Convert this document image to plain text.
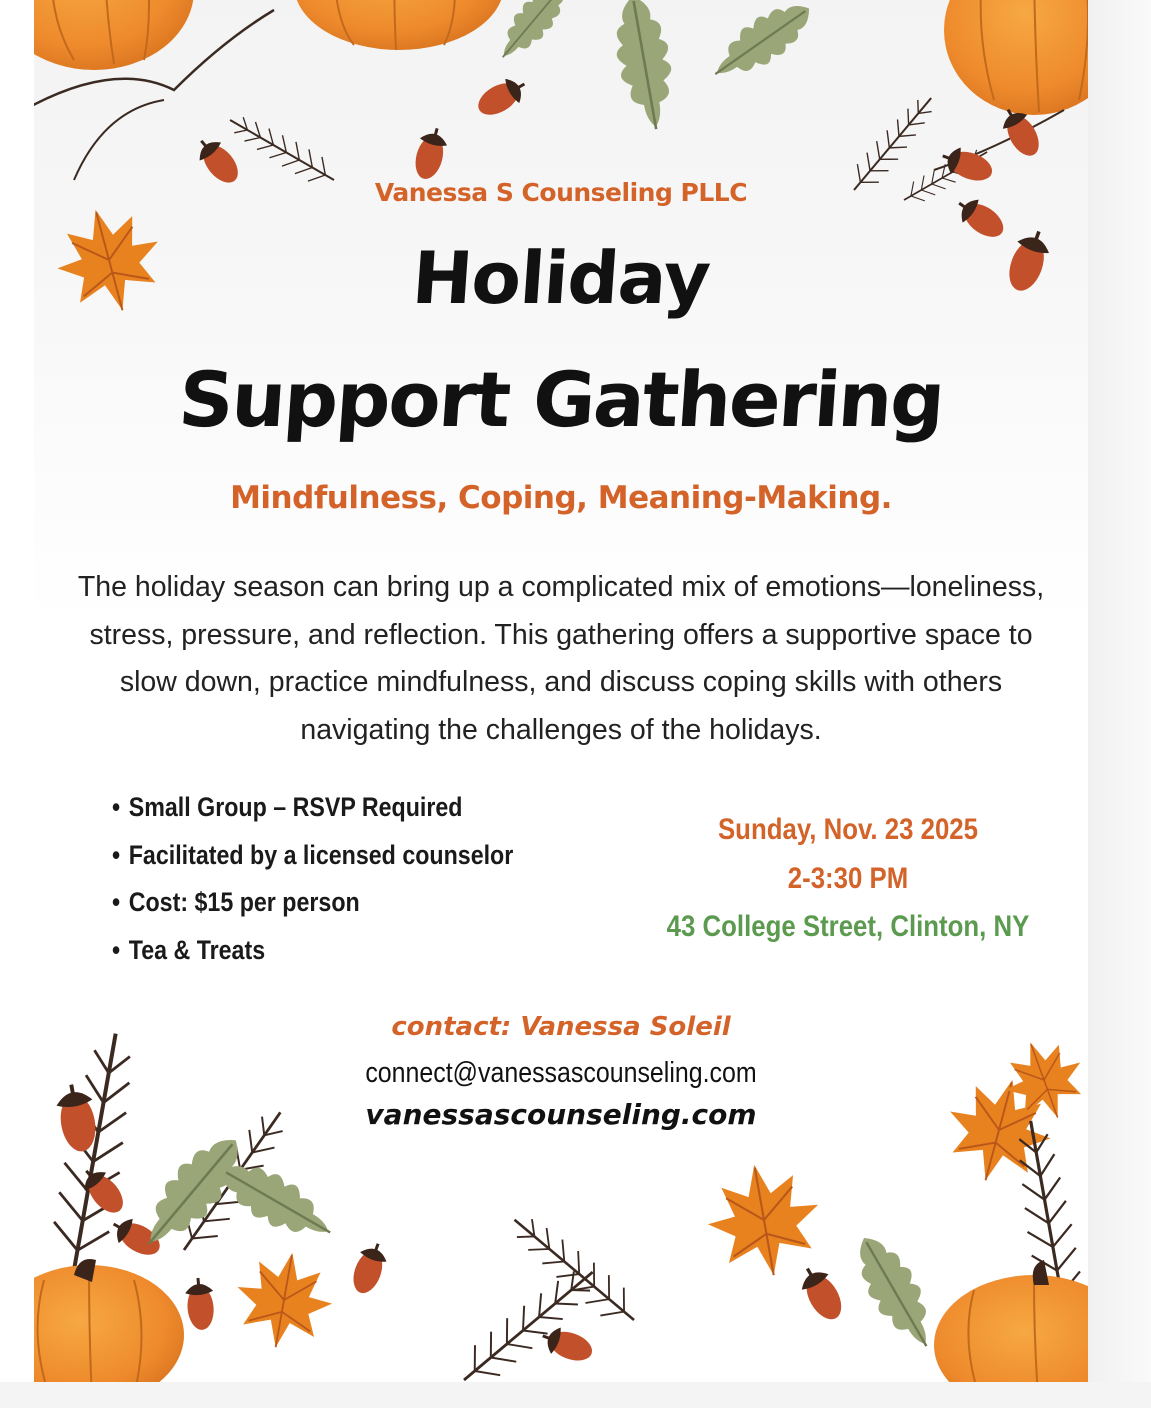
Vanessa S Counseling PLLC

Holiday
Support Gathering

Mindfulness, Coping, Meaning-Making.

The holiday season can bring up a complicated mix of emotions—loneliness, stress, pressure, and reflection. This gathering offers a supportive space to slow down, practice mindfulness, and discuss coping skills with others navigating the challenges of the holidays.

• Small Group – RSVP Required
• Facilitated by a licensed counselor
• Cost: $15 per person
• Tea & Treats
Sunday, Nov. 23 2025
2-3:30 PM
43 College Street, Clinton, NY

contact: Vanessa Soleil

connect@vanessascounseling.com

vanessascounseling.com
